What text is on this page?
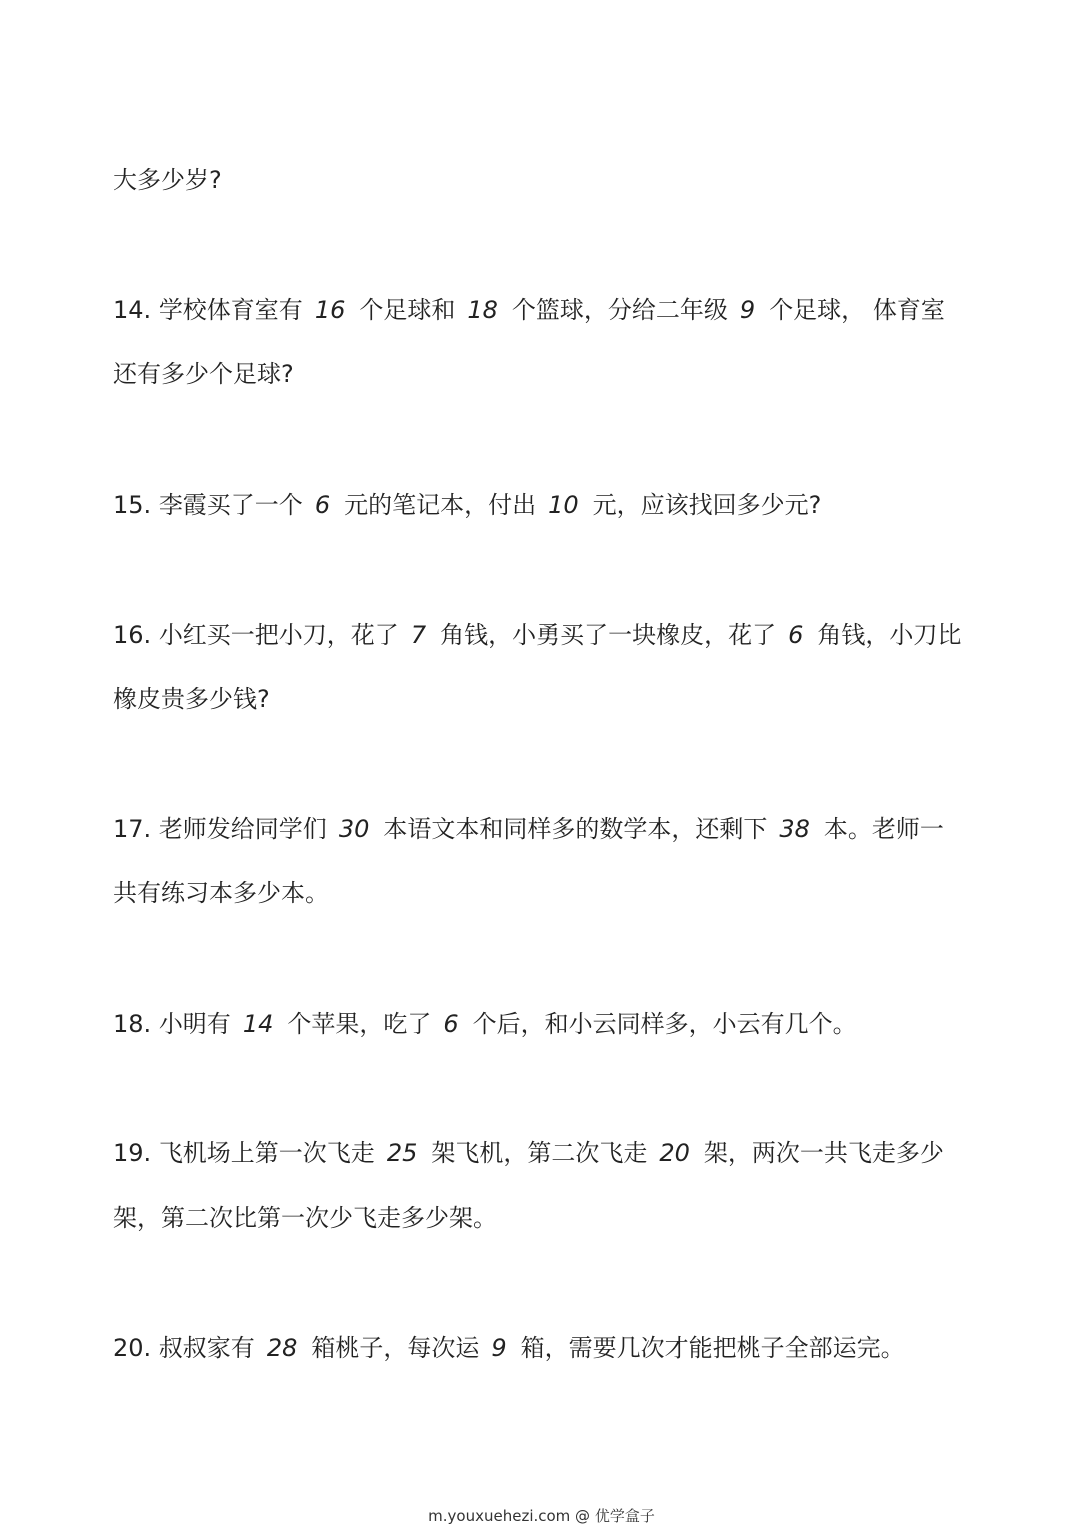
大多少岁?
14. 学校体育室有 16 个足球和 18 个篮球，分给二年级 9 个足球， 体育室
还有多少个足球?
15. 李霞买了一个 6 元的笔记本，付出 10 元，应该找回多少元?
16. 小红买一把小刀，花了 7 角钱，小勇买了一块橡皮，花了 6 角钱，小刀比
橡皮贵多少钱?
17. 老师发给同学们 30 本语文本和同样多的数学本，还剩下 38 本。老师一
共有练习本多少本。
18. 小明有 14 个苹果，吃了 6 个后，和小云同样多，小云有几个。
19. 飞机场上第一次飞走 25 架飞机，第二次飞走 20 架，两次一共飞走多少
架，第二次比第一次少飞走多少架。
20. 叔叔家有 28 箱桃子，每次运 9 箱，需要几次才能把桃子全部运完。
m.youxuehezi.com @ 优学盒子
